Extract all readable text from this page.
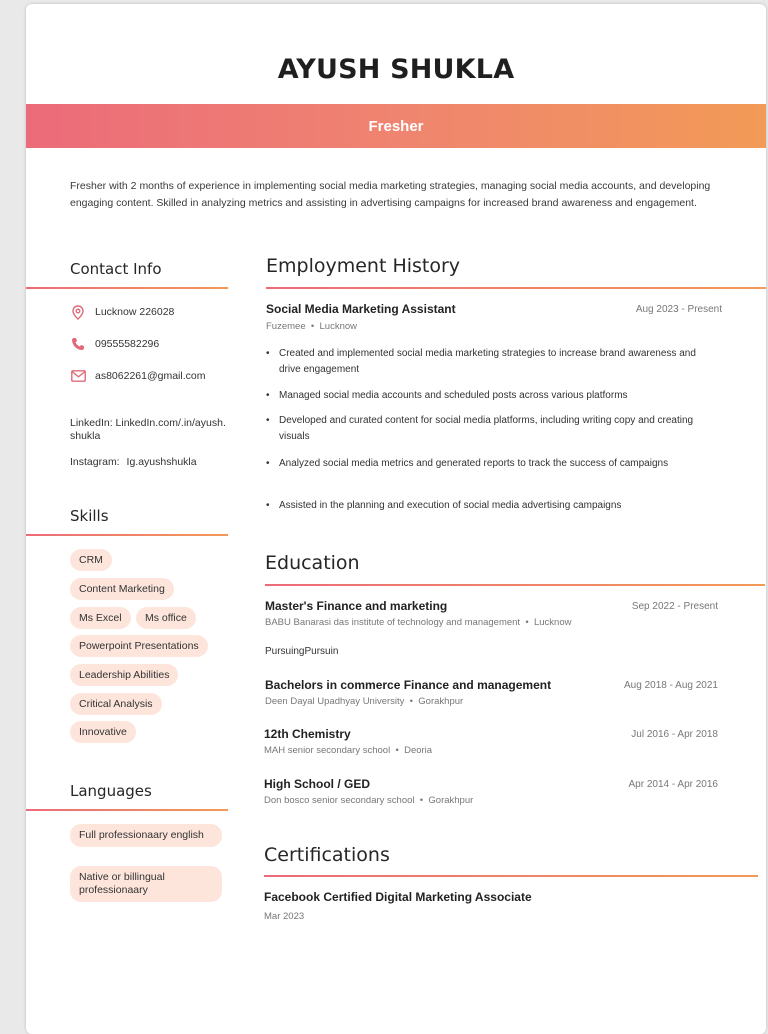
AYUSH SHUKLA
Fresher
Fresher with 2 months of experience in implementing social media marketing strategies, managing social media accounts, and developing engaging content. Skilled in analyzing metrics and assisting in advertising campaigns for increased brand awareness and engagement.
Contact Info
Lucknow 226028
09555582296
as8062261@gmail.com
LinkedIn: LinkedIn.com/.in/ayush.shukla
Instagram: Ig.ayushshukla
Skills
CRM
Content Marketing
Ms Excel	Ms office
Powerpoint Presentations
Leadership Abilities
Critical Analysis
Innovative
Languages
Full professionaary english
Native or billingual professionaary
Employment History
Social Media Marketing Assistant	Aug 2023 - Present
Fuzemee  •  Lucknow
• Created and implemented social media marketing strategies to increase brand awareness and drive engagement
• Managed social media accounts and scheduled posts across various platforms
• Developed and curated content for social media platforms, including writing copy and creating visuals
• Analyzed social media metrics and generated reports to track the success of campaigns
• Assisted in the planning and execution of social media advertising campaigns
Education
Master's Finance and marketing	Sep 2022 - Present
BABU Banarasi das institute of technology and management  •  Lucknow
PursuingPursuin
Bachelors in commerce Finance and management	Aug 2018 - Aug 2021
Deen Dayal Upadhyay University  •  Gorakhpur
12th Chemistry	Jul 2016 - Apr 2018
MAH senior secondary school  •  Deoria
High School / GED	Apr 2014 - Apr 2016
Don bosco senior secondary school  •  Gorakhpur
Certifications
Facebook Certified Digital Marketing Associate
Mar 2023
